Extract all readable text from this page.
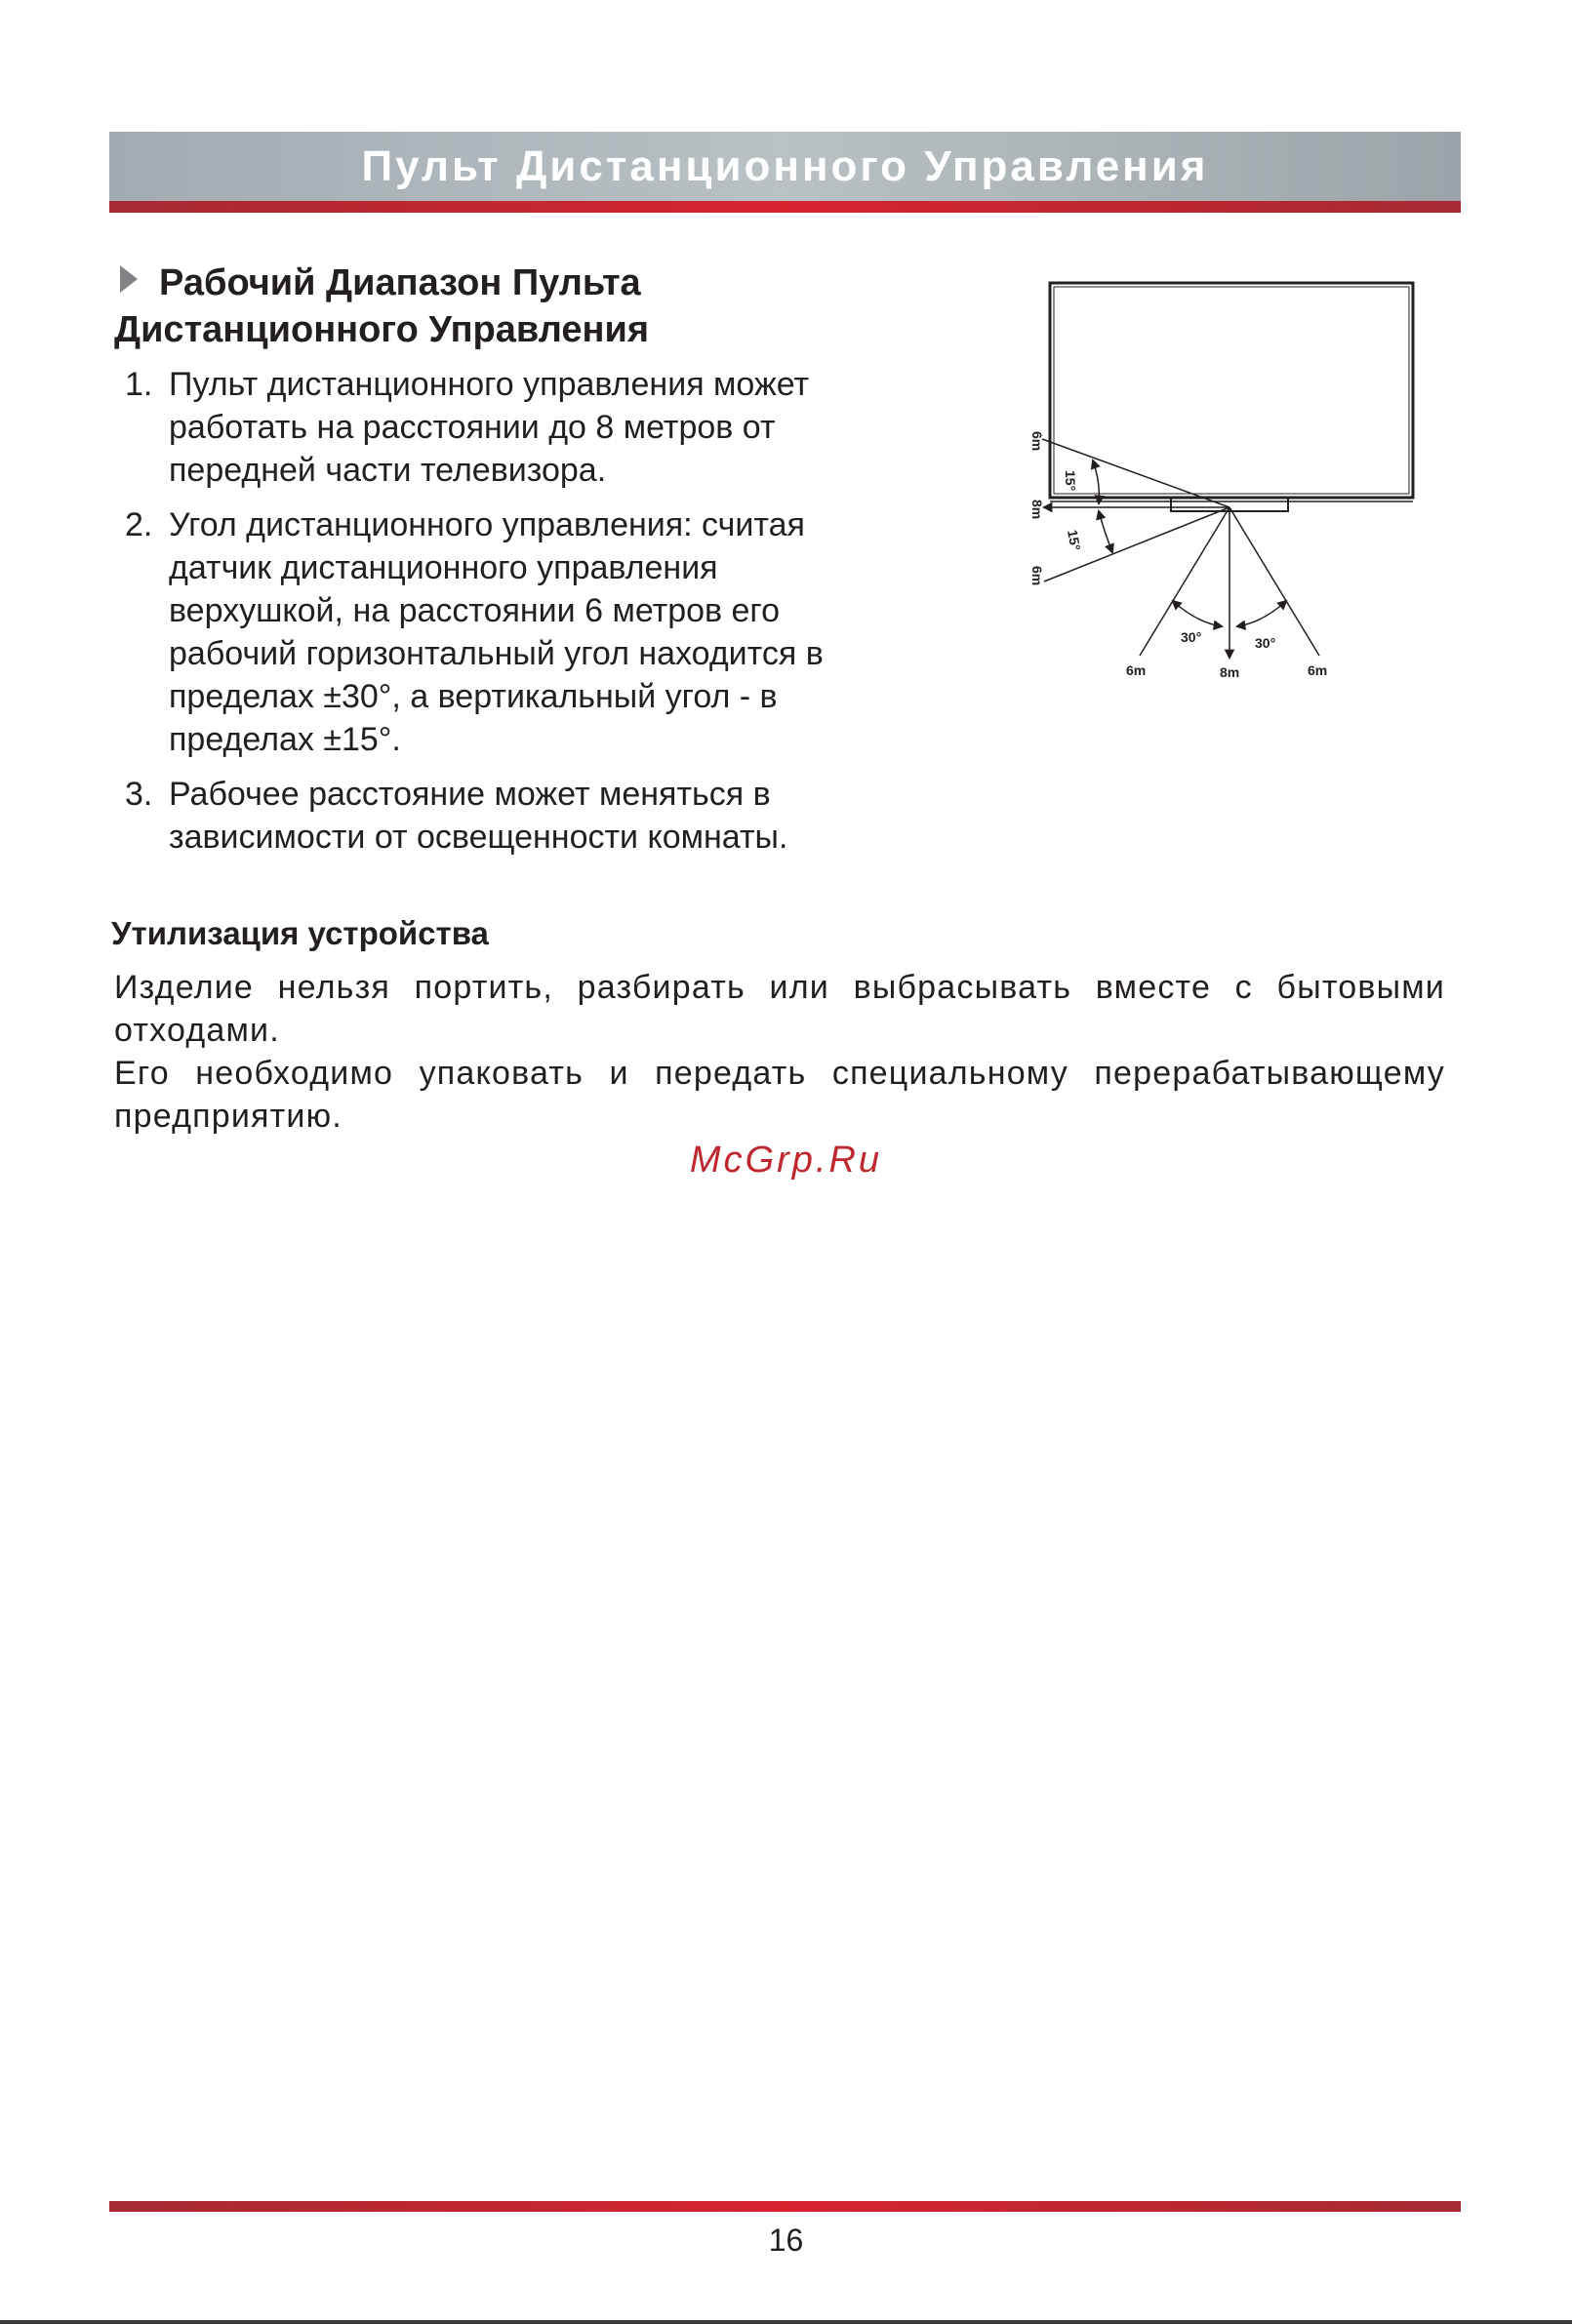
Пульт Дистанционного Управления
Рабочий Диапазон Пульта
Дистанционного Управления
1. Пульт дистанционного управления может работать на расстоянии до 8 метров от передней части телевизора.
2. Угол дистанционного управления: считая датчик дистанционного управления верхушкой, на расстоянии 6 метров его рабочий горизонтальный угол находится в пределах ±30°, а вертикальный угол - в пределах ±15°.
3. Рабочее расстояние может меняться в зависимости от освещенности комнаты.
6m
8m
6m
15°
15°
30°	30°
6m	8m	6m
Утилизация устройства

Изделие нельзя портить, разбирать или выбрасывать вместе с бытовыми отходами.

Его необходимо упаковать и передать специальному перерабатывающему предприятию.

McGrp.Ru
16
